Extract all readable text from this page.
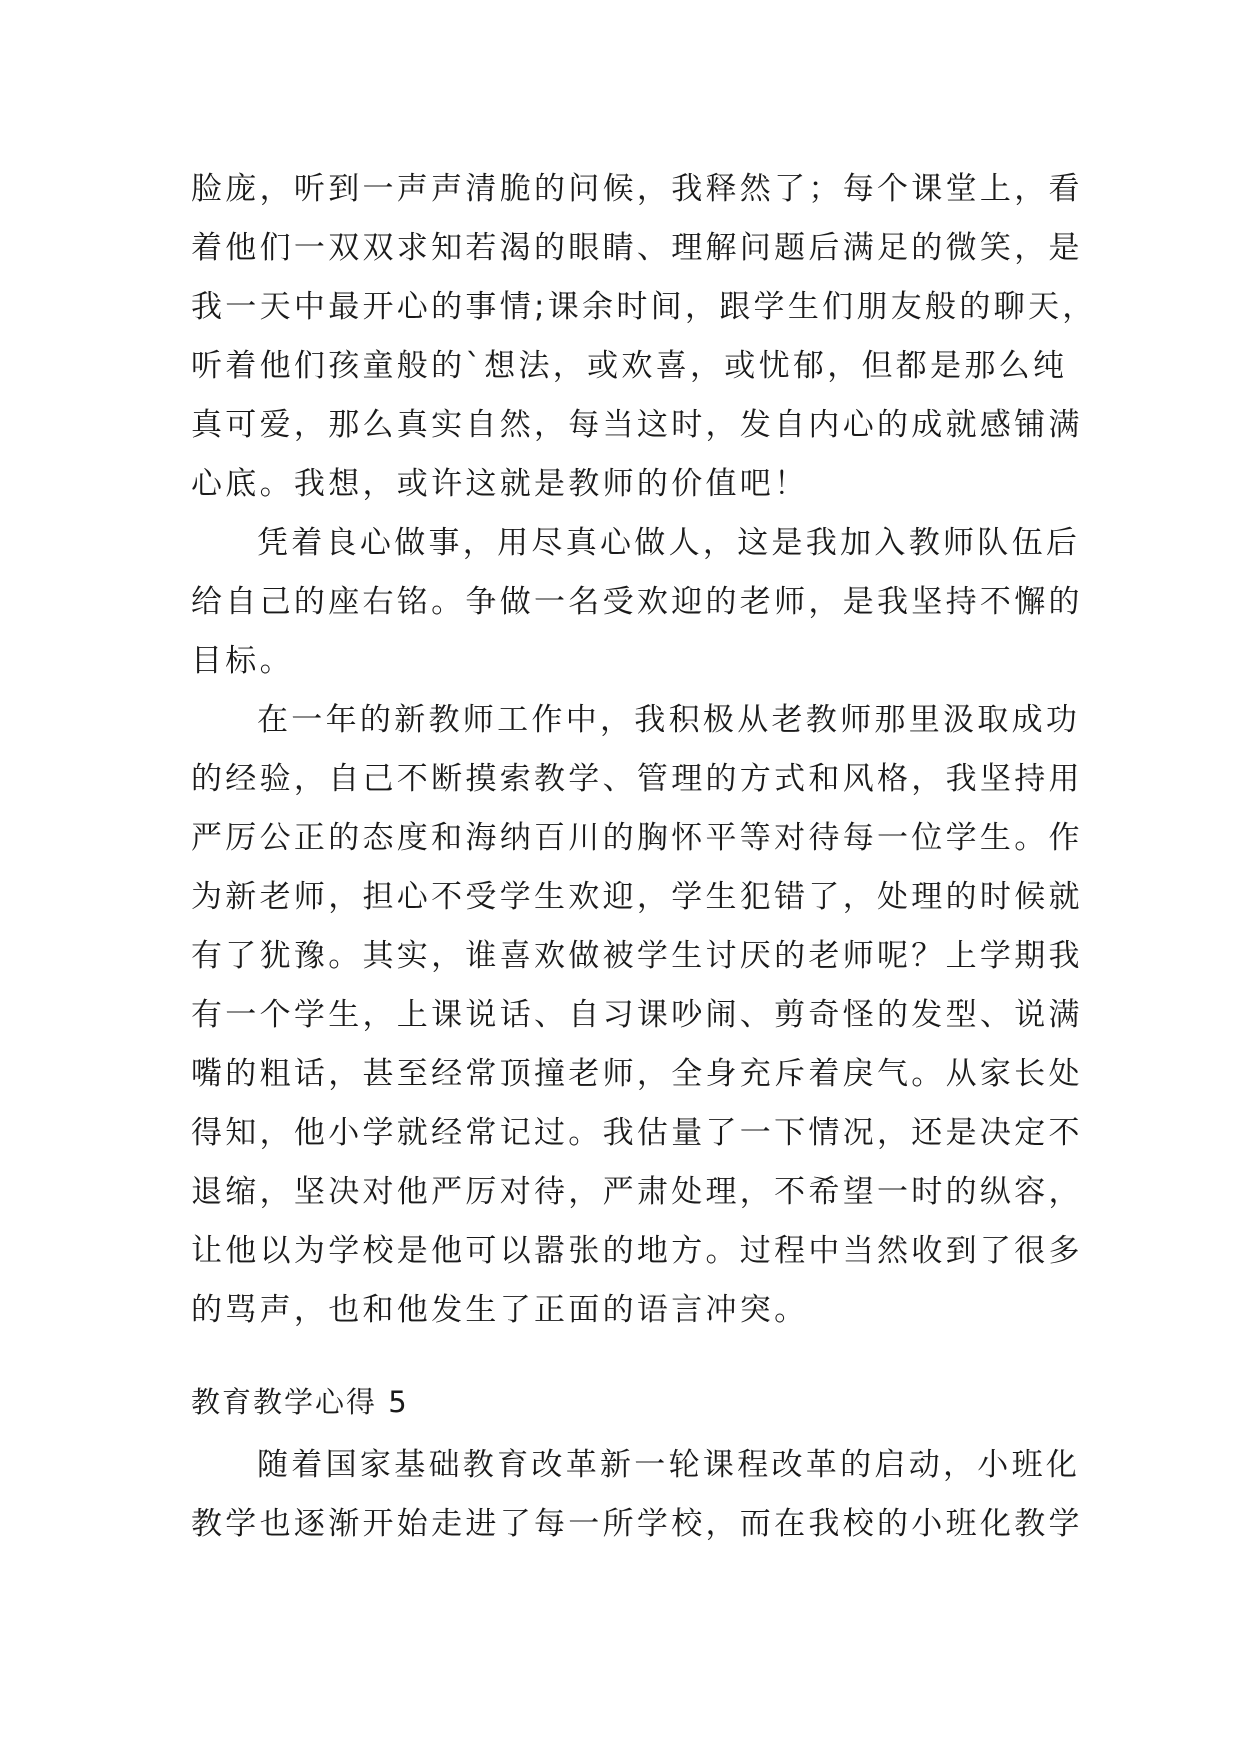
脸庞，听到一声声清脆的问候，我释然了；每个课堂上，看
着他们一双双求知若渴的眼睛、理解问题后满足的微笑，是
我一天中最开心的事情;课余时间，跟学生们朋友般的聊天，
听着他们孩童般的`想法，或欢喜，或忧郁，但都是那么纯
真可爱，那么真实自然，每当这时，发自内心的成就感铺满
心底。我想，或许这就是教师的价值吧！
凭着良心做事，用尽真心做人，这是我加入教师队伍后
给自己的座右铭。争做一名受欢迎的老师，是我坚持不懈的
目标。
在一年的新教师工作中，我积极从老教师那里汲取成功
的经验，自己不断摸索教学、管理的方式和风格，我坚持用
严厉公正的态度和海纳百川的胸怀平等对待每一位学生。作
为新老师，担心不受学生欢迎，学生犯错了，处理的时候就
有了犹豫。其实，谁喜欢做被学生讨厌的老师呢？上学期我
有一个学生，上课说话、自习课吵闹、剪奇怪的发型、说满
嘴的粗话，甚至经常顶撞老师，全身充斥着戾气。从家长处
得知，他小学就经常记过。我估量了一下情况，还是决定不
退缩，坚决对他严厉对待，严肃处理，不希望一时的纵容，
让他以为学校是他可以嚣张的地方。过程中当然收到了很多
的骂声，也和他发生了正面的语言冲突。
教育教学心得 5
随着国家基础教育改革新一轮课程改革的启动，小班化
教学也逐渐开始走进了每一所学校，而在我校的小班化教学
